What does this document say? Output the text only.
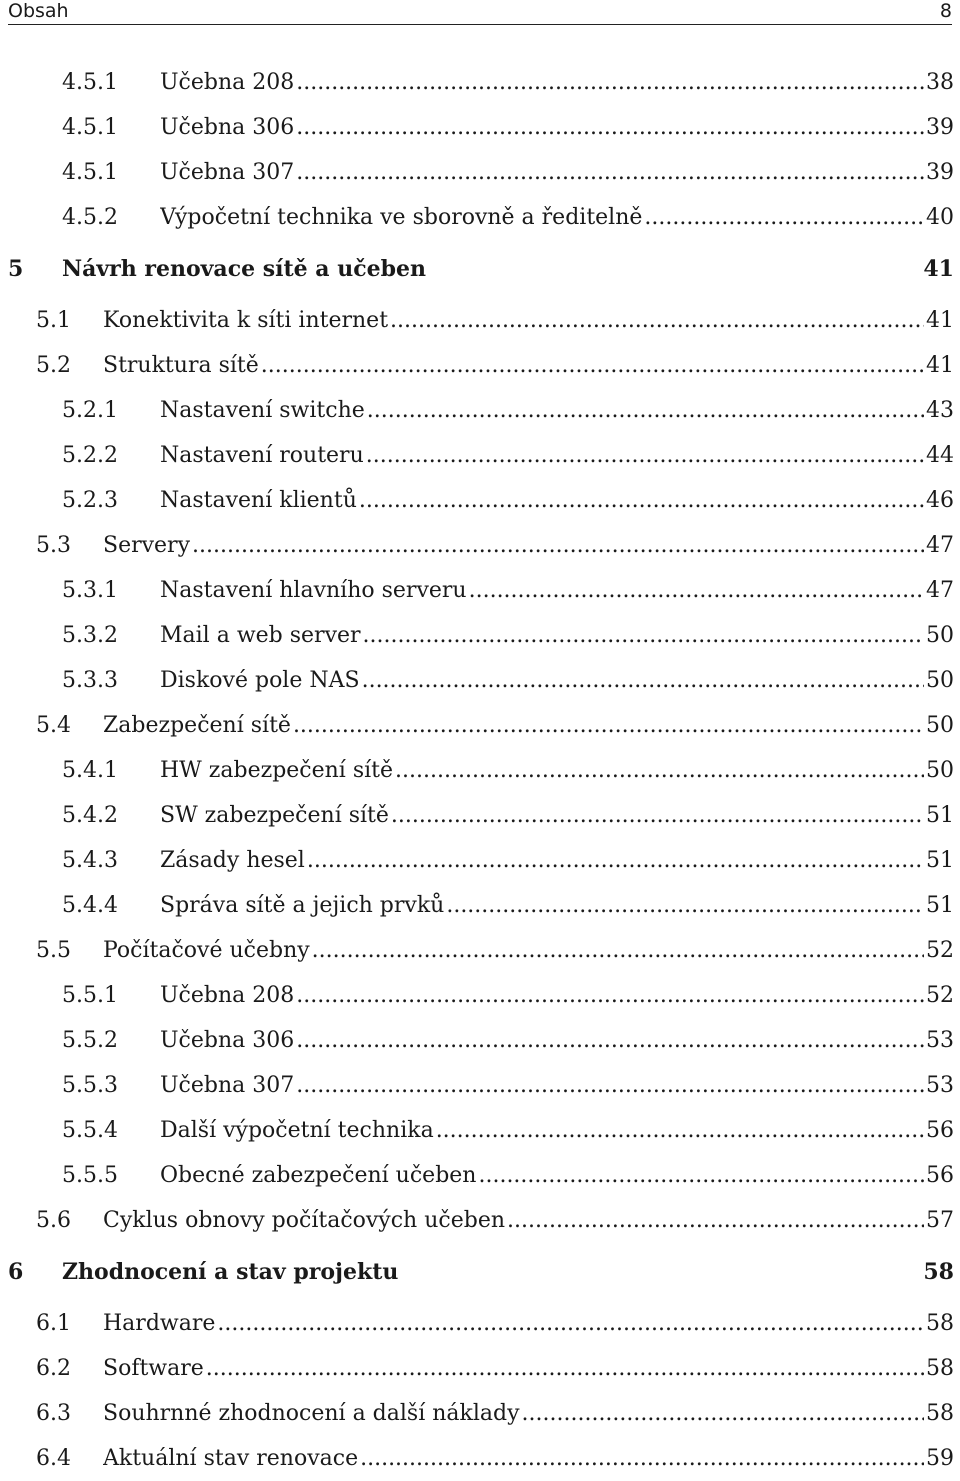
Obsah	8
4.5.1 Učebna 208 .....	38
4.5.1 Učebna 306 .....	39
4.5.1 Učebna 307 .....	39
4.5.2 Výpočetní technika ve sborovně a ředitelně .....	40
5 Návrh renovace sítě a učeben	41
5.1 Konektivita k síti internet .....	41
5.2 Struktura sítě .....	41
5.2.1 Nastavení switche .....	43
5.2.2 Nastavení routeru .....	44
5.2.3 Nastavení klientů .....	46
5.3 Servery .....	47
5.3.1 Nastavení hlavního serveru .....	47
5.3.2 Mail a web server .....	50
5.3.3 Diskové pole NAS .....	50
5.4 Zabezpečení sítě .....	50
5.4.1 HW zabezpečení sítě .....	50
5.4.2 SW zabezpečení sítě .....	51
5.4.3 Zásady hesel .....	51
5.4.4 Správa sítě a jejich prvků .....	51
5.5 Počítačové učebny .....	52
5.5.1 Učebna 208 .....	52
5.5.2 Učebna 306 .....	53
5.5.3 Učebna 307 .....	53
5.5.4 Další výpočetní technika .....	56
5.5.5 Obecné zabezpečení učeben .....	56
5.6 Cyklus obnovy počítačových učeben .....	57
6 Zhodnocení a stav projektu	58
6.1 Hardware .....	58
6.2 Software .....	58
6.3 Souhrnné zhodnocení a další náklady .....	58
6.4 Aktuální stav renovace .....	59
